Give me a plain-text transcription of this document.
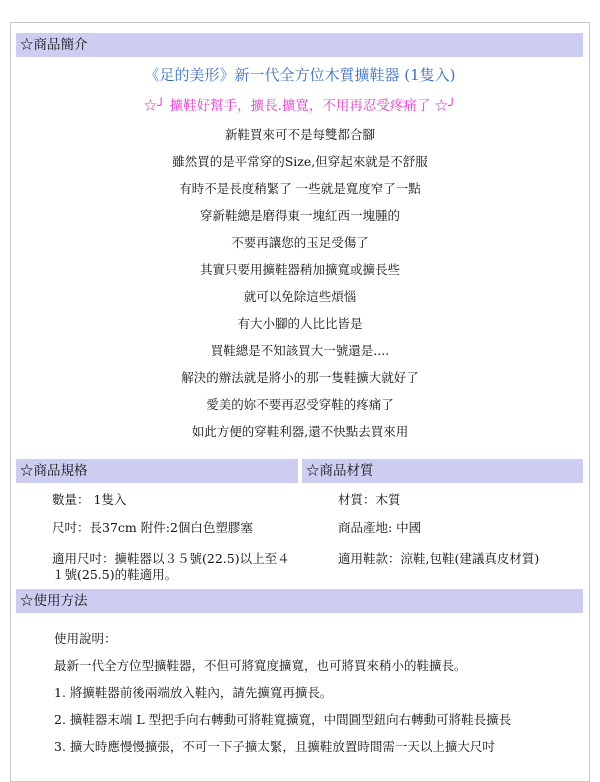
☆商品簡介
《足的美形》新一代全方位木質擴鞋器 (1隻入)
☆╯ 擴鞋好幫手，擴長.擴寬，不用再忍受疼痛了 ☆╯
新鞋買來可不是每雙都合腳
雖然買的是平常穿的Size,但穿起來就是不舒服
有時不是長度稍緊了 一些就是寬度窄了一點
穿新鞋總是磨得東一塊紅西一塊腫的
不要再讓您的玉足受傷了
其實只要用擴鞋器稍加擴寬或擴長些
就可以免除這些煩惱
有大小腳的人比比皆是
買鞋總是不知該買大一號還是....
解決的辦法就是將小的那一隻鞋擴大就好了
愛美的妳不要再忍受穿鞋的疼痛了
如此方便的穿鞋利器,還不快點去買來用
☆商品規格	☆商品材質
數量： 1隻入
尺吋：長37cm 附件:2個白色塑膠塞
適用尺吋：擴鞋器以３５號(22.5)以上至４１號(25.5)的鞋適用。
材質：木質
商品產地: 中國
適用鞋款：涼鞋,包鞋(建議真皮材質)
☆使用方法
使用說明：
最新一代全方位型擴鞋器，不但可將寬度擴寬，也可將買來稍小的鞋擴長。
1. 將擴鞋器前後兩端放入鞋內，請先擴寬再擴長。
2. 擴鞋器末端 L 型把手向右轉動可將鞋寬擴寬，中間圓型鈕向右轉動可將鞋長擴長
3. 擴大時應慢慢擴張，不可一下子擴太緊，且擴鞋放置時間需一天以上擴大尺吋
